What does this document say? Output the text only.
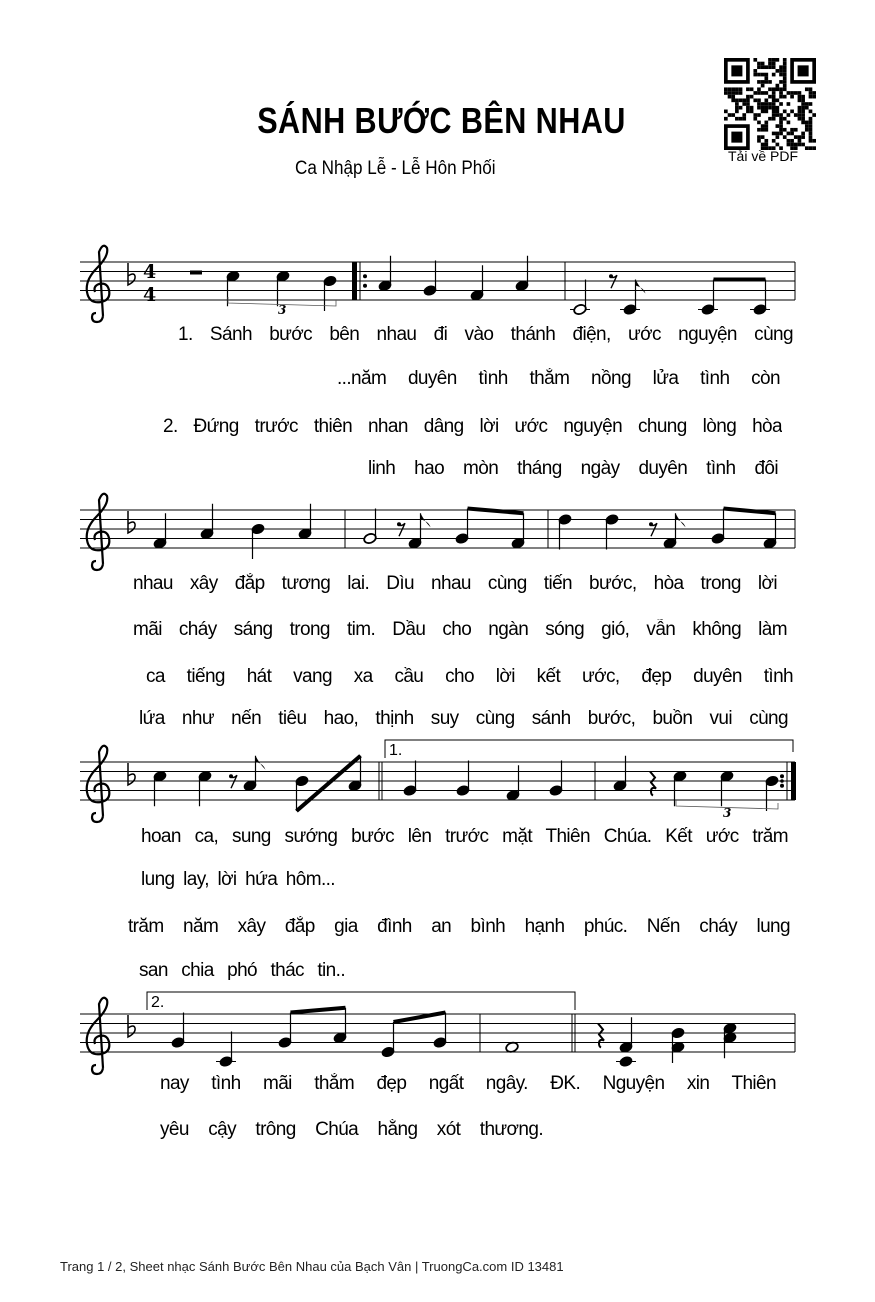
SÁNH BƯỚC BÊN NHAU
Ca Nhập Lễ - Lễ Hôn Phối
Tải về PDF
4
4
3
1.
3
2.
1. Sánh bước bên nhau đi vào thánh điện, ước nguyện cùng
...năm duyên tình thắm nồng lửa tình còn
2. Đứng trước thiên nhan dâng lời ước nguyện chung lòng hòa
linh hao mòn tháng ngày duyên tình đôi
nhau xây đắp tương lai. Dìu nhau cùng tiến bước, hòa trong lời
mãi cháy sáng trong tim. Dầu cho ngàn sóng gió, vẫn không làm
ca tiếng hát vang xa cầu cho lời kết ước, đẹp duyên tình
lứa như nến tiêu hao, thịnh suy cùng sánh bước, buồn vui cùng
hoan ca, sung sướng bước lên trước mặt Thiên Chúa. Kết ước trăm
lung lay, lời hứa hôm...
trăm năm xây đắp gia đình an bình hạnh phúc. Nến cháy lung
san chia phó thác tin..
nay tình mãi thắm đẹp ngất ngây. ĐK. Nguyện xin Thiên
yêu cậy trông Chúa hằng xót thương.
Trang 1 / 2, Sheet nhạc Sánh Bước Bên Nhau của Bạch Vân | TruongCa.com ID 13481
